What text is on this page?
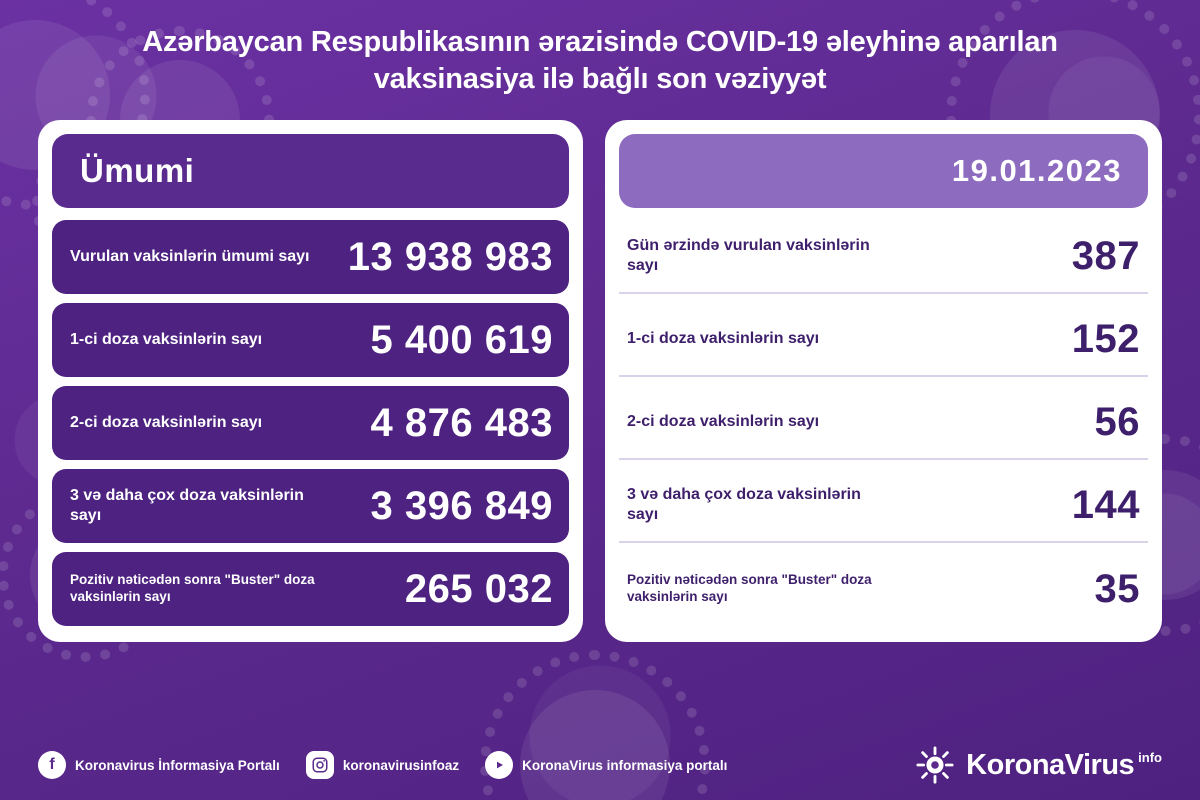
Azərbaycan Respublikasının ərazisində COVID-19 əleyhinə aparılan vaksinasiya ilə bağlı son vəziyyət
Ümumi
Vurulan vaksinlərin ümumi sayı 13 938 983
1-ci doza vaksinlərin sayı	5 400 619
2-ci doza vaksinlərin sayı	4 876 483
3 və daha çox doza vaksinlərin sayı	3 396 849
Pozitiv nəticədən sonra "Buster" doza vaksinlərin sayı	265 032
19.01.2023
Gün ərzində vurulan vaksinlərin sayı	387
1-ci doza vaksinlərin sayı	152
2-ci doza vaksinlərin sayı	56
3 və daha çox doza vaksinlərin sayı	144
Pozitiv nəticədən sonra "Buster" doza vaksinlərin sayı	35
f	Koronavirus İnformasiya Portalı	koronavirusinfoaz	KoronaVirus informasiya portalı	KoronaVirus info
